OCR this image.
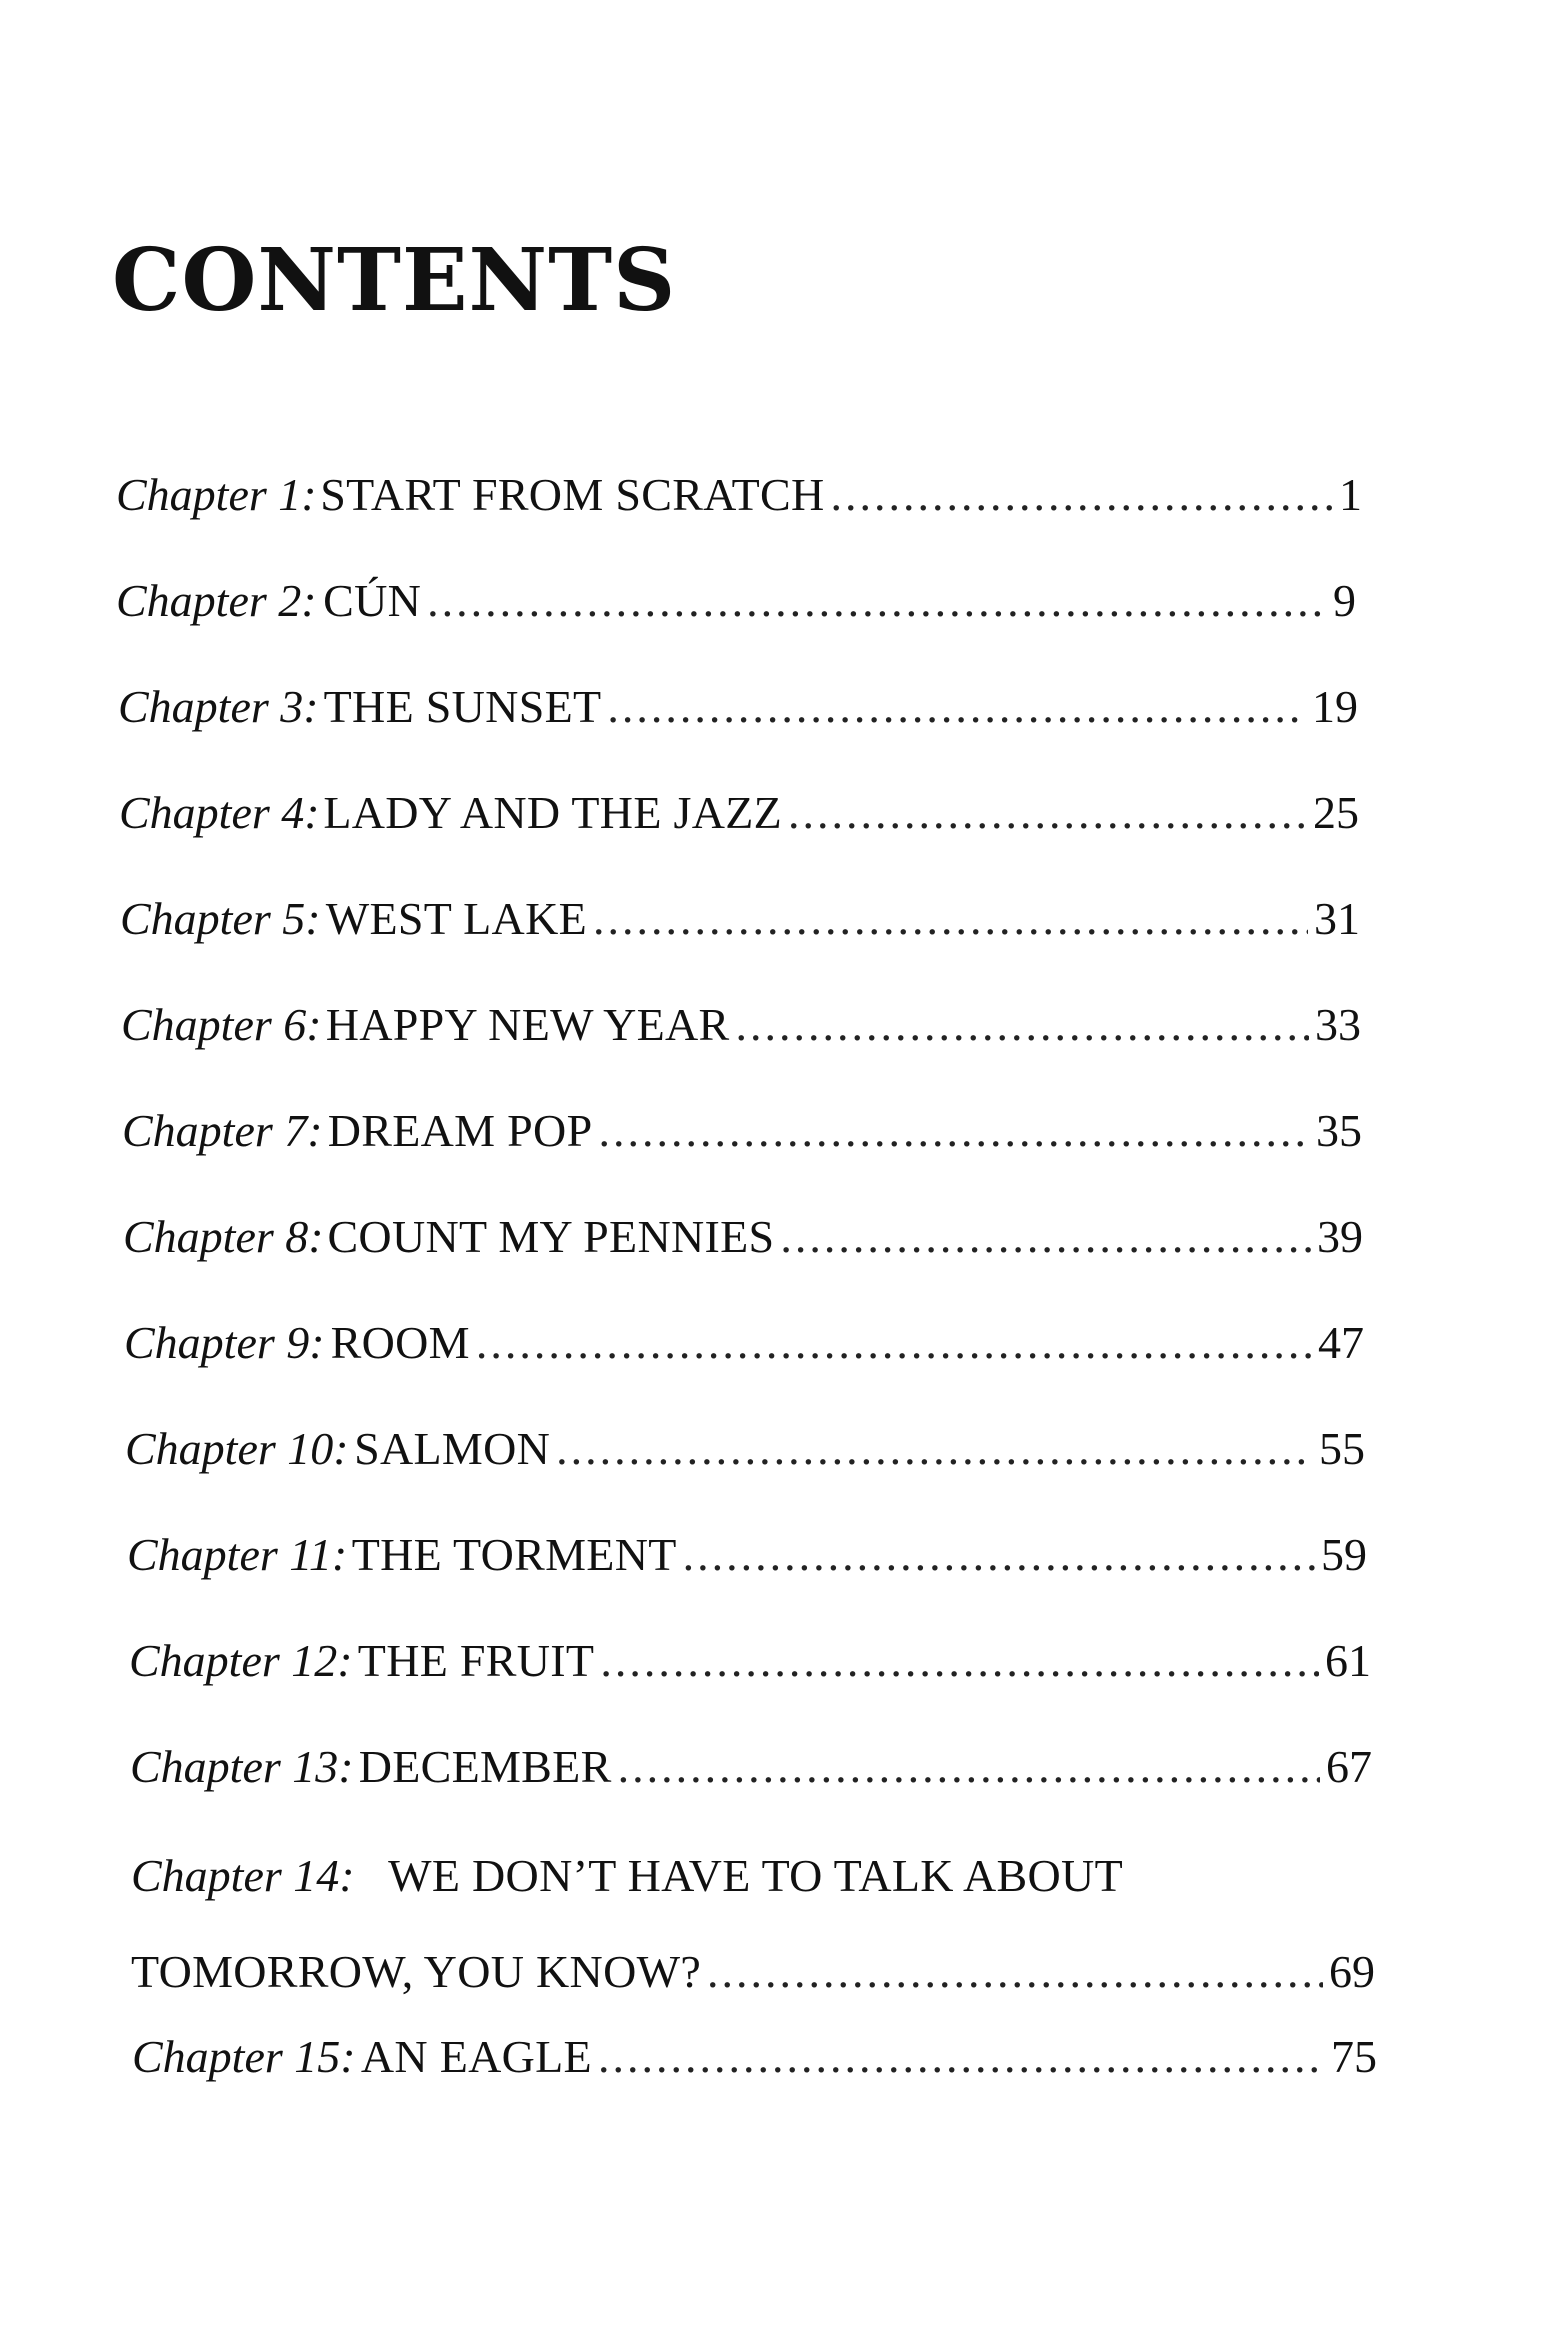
CONTENTS
Chapter 1: START FROM SCRATCH .....	1
Chapter 2: CÚN .....	9
Chapter 3: THE SUNSET .....	19
Chapter 4: LADY AND THE JAZZ .....	25
Chapter 5: WEST LAKE .....	31
Chapter 6: HAPPY NEW YEAR .....	33
Chapter 7: DREAM POP .....	35
Chapter 8: COUNT MY PENNIES .....	39
Chapter 9: ROOM .....	47
Chapter 10: SALMON .....	55
Chapter 11: THE TORMENT .....	59
Chapter 12: THE FRUIT .....	61
Chapter 13: DECEMBER .....	67
Chapter 14: WE DON’T HAVE TO TALK ABOUT
TOMORROW, YOU KNOW? .....	69
Chapter 15: AN EAGLE .....	75
